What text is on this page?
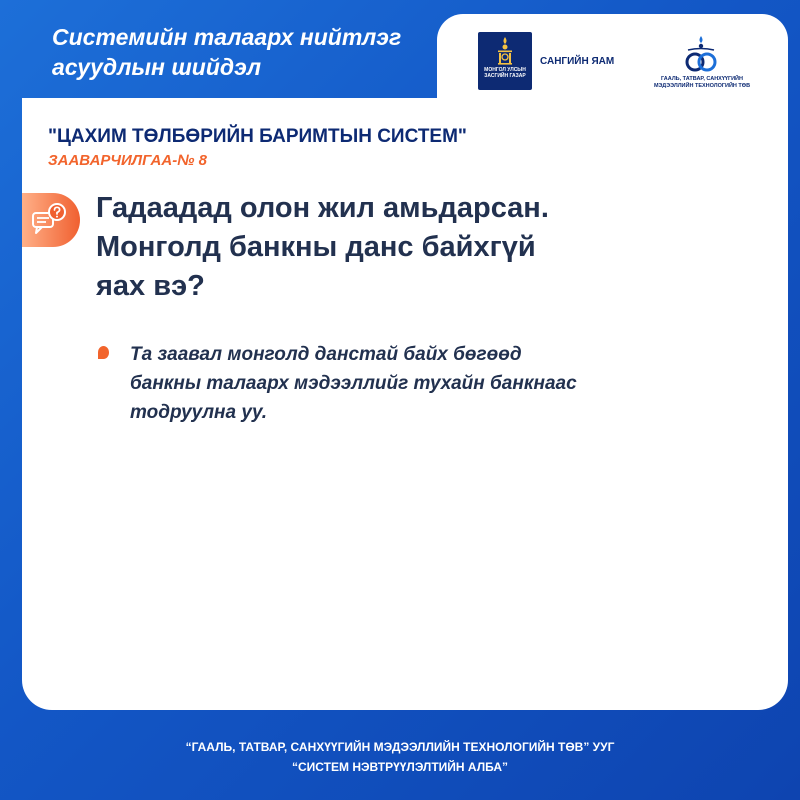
Системийн талаарх нийтлэг
асуудлын шийдэл	МОНГОЛ УЛСЫН
ЗАСГИЙН ГАЗАР
САНГИЙН ЯАМ
ГААЛЬ, ТАТВАР, САНХҮҮГИЙН
МЭДЭЭЛЛИЙН ТЕХНОЛОГИЙН ТӨВ
"ЦАХИМ ТӨЛБӨРИЙН БАРИМТЫН СИСТЕМ"
ЗААВАРЧИЛГАА-№ 8
Гадаадад олон жил амьдарсан.
Монголд банкны данс байхгүй
яах вэ?
Та заавал монголд данстай байх бөгөөд
банкны талаарх мэдээллийг тухайн банкнаас
тодруулна уу.
“ГААЛЬ, ТАТВАР, САНХҮҮГИЙН МЭДЭЭЛЛИЙН ТЕХНОЛОГИЙН ТӨВ” УУГ
“СИСТЕМ НЭВТРҮҮЛЭЛТИЙН АЛБА”
